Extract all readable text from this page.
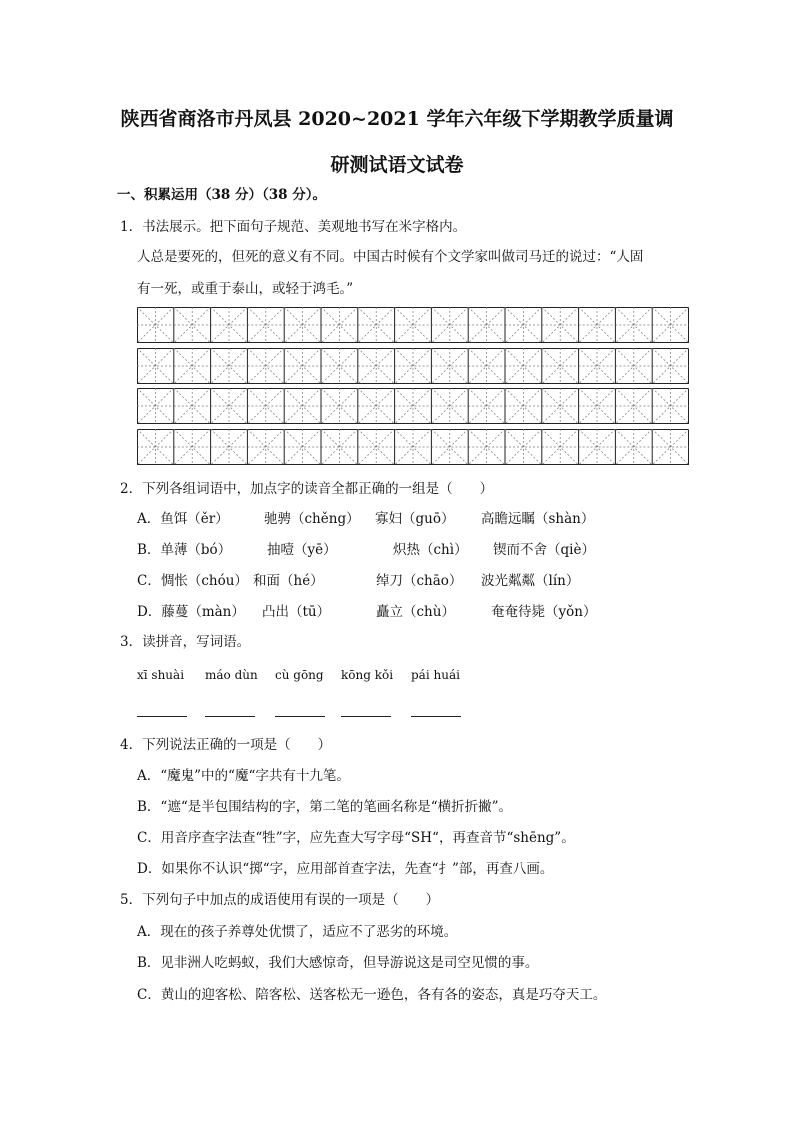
陕西省商洛市丹凤县 2020~2021 学年六年级下学期教学质量调
研测试语文试卷
一、积累运用（38 分）（38 分）。
1．书法展示。把下面句子规范、美观地书写在米字格内。
人总是要死的，但死的意义有不同。中国古时候有个文学家叫做司马迁的说过：“人固
有一死，或重于泰山，或轻于鸿毛。”
2．下列各组词语中，加点字的读音全都正确的一组是（　　）
A．鱼饵（ěr）	驰骋（chěng） 寡妇（guō） 高瞻远瞩（shàn）
B．单薄（bó）	抽噎（yē）	炽热（chì） 锲而不舍（qiè）
C．惆怅（chóu） 和面（hé）	绰刀（chāo） 波光粼粼（lín）
D．藤蔓（màn） 凸出（tū）	矗立（chù）	奄奄待毙（yǒn）
3．读拼音，写词语。
xī shuài máo dùn cù gōng kōng kǒi pái huái
4．下列说法正确的一项是（　　）
A．“魔鬼”中的“魔“字共有十九笔。
B．“遮“是半包围结构的字，第二笔的笔画名称是“横折折撇”。
C．用音序查字法查“牲”字，应先查大写字母“SH“，再查音节“shēng”。
D．如果你不认识“掷“字，应用部首查字法，先查“扌”部，再查八画。
5．下列句子中加点的成语使用有误的一项是（　　）
A．现在的孩子养尊处优惯了，适应不了恶劣的环境。
B．见非洲人吃蚂蚁，我们大感惊奇，但导游说这是司空见惯的事。
C．黄山的迎客松、陪客松、送客松无一逊色，各有各的姿态，真是巧夺天工。
